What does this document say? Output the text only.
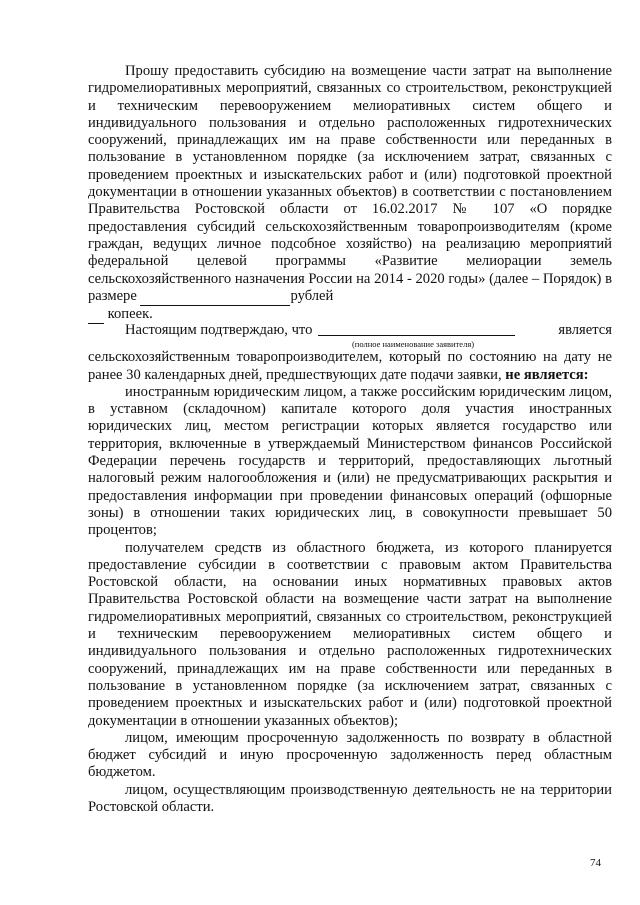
Прошу предоставить субсидию на возмещение части затрат на выполнение гидромелиоративных мероприятий, связанных со строительством, реконструкцией и техническим перевооружением мелиоративных систем общего и индивидуального пользования и отдельно расположенных гидротехнических сооружений, принадлежащих им на праве собственности или переданных в пользование в установленном порядке (за исключением затрат, связанных с проведением проектных и изыскательских работ и (или) подготовкой проектной документации в отношении указанных объектов) в соответствии с постановлением Правительства Ростовской области от 16.02.2017 № 107 «О порядке предоставления субсидий сельскохозяйственным товаропроизводителям (кроме граждан, ведущих личное подсобное хозяйство) на реализацию мероприятий федеральной целевой программы «Развитие мелиорации земель сельскохозяйственного назначения России на 2014 - 2020 годы» (далее – Порядок) в размере	рублей

копеек.

Настоящим подтверждаю, что	является

сельскохозяйственным товаропроизводителем, который по состоянию на дату не ранее 30 календарных дней, предшествующих дате подачи заявки, не является:

иностранным юридическим лицом, а также российским юридическим лицом, в уставном (складочном) капитале которого доля участия иностранных юридических лиц, местом регистрации которых является государство или территория, включенные в утверждаемый Министерством финансов Российской Федерации перечень государств и территорий, предоставляющих льготный налоговый режим налогообложения и (или) не предусматривающих раскрытия и предоставления информации при проведении финансовых операций (офшорные зоны) в отношении таких юридических лиц, в совокупности превышает 50 процентов;

получателем средств из областного бюджета, из которого планируется предоставление субсидии в соответствии с правовым актом Правительства Ростовской области, на основании иных нормативных правовых актов Правительства Ростовской области на возмещение части затрат на выполнение гидромелиоративных мероприятий, связанных со строительством, реконструкцией и техническим перевооружением мелиоративных систем общего и индивидуального пользования и отдельно расположенных гидротехнических сооружений, принадлежащих им на праве собственности или переданных в пользование в установленном порядке (за исключением затрат, связанных с проведением проектных и изыскательских работ и (или) подготовкой проектной документации в отношении указанных объектов);

лицом, имеющим просроченную задолженность по возврату в областной бюджет субсидий и иную просроченную задолженность перед областным бюджетом.

лицом, осуществляющим производственную деятельность не на территории Ростовской области.

(полное наименование заявителя)
74
